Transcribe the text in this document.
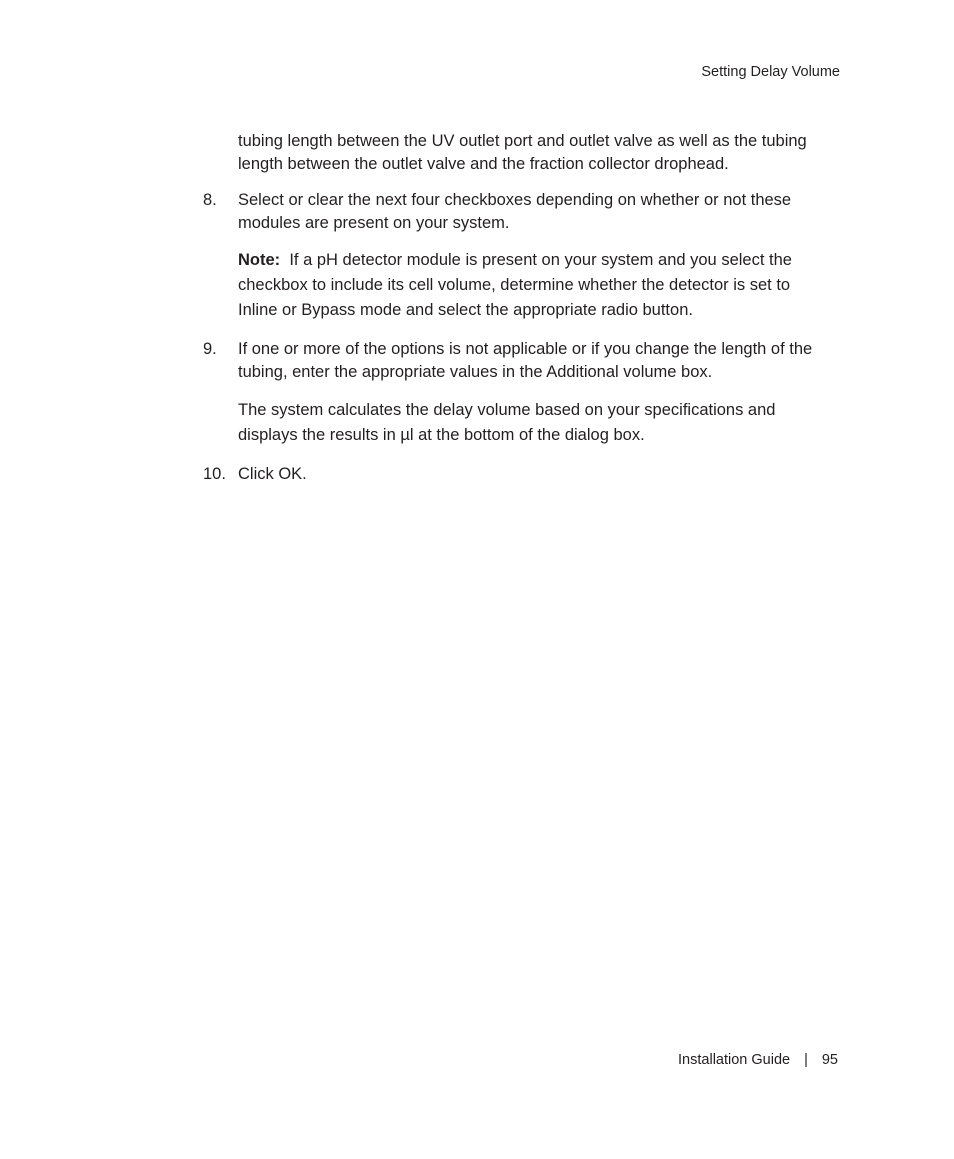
Setting Delay Volume
tubing length between the UV outlet port and outlet valve as well as the tubing length between the outlet valve and the fraction collector drophead.
8. Select or clear the next four checkboxes depending on whether or not these modules are present on your system.
Note: If a pH detector module is present on your system and you select the checkbox to include its cell volume, determine whether the detector is set to Inline or Bypass mode and select the appropriate radio button.
9. If one or more of the options is not applicable or if you change the length of the tubing, enter the appropriate values in the Additional volume box.
The system calculates the delay volume based on your specifications and displays the results in µl at the bottom of the dialog box.
10. Click OK.
Installation Guide | 95
